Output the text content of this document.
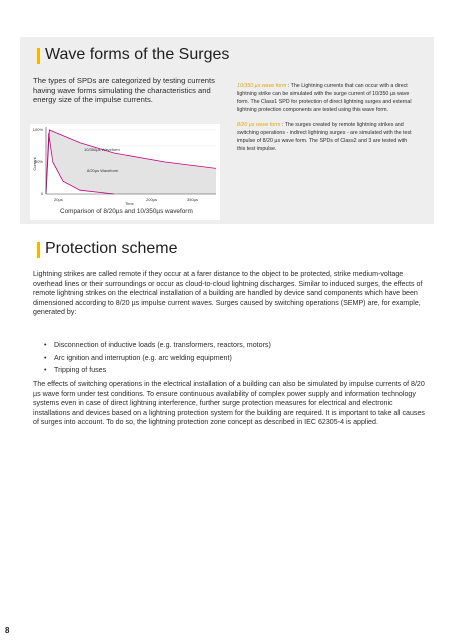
Wave forms of the Surges
The types of SPDs are categorized by testing currents having wave forms simulating the characteristics and energy size of the impulse currents.
Current
100%
50%
0
20µs	200µs	350µs
Time
10/350µs Waveform
8/20µs Waveform
Comparison of 8/20µs and 10/350µs waveform

10/350 µs wave form : The Lightning currents that can occur with a direct lightning strike can be simulated with the surge current of 10/350 µs wave form. The Class1 SPD for protection of direct lightning surges and external lightning protection components are tested using this wave form.

8/20 µs wave form : The surges created by remote lightning strikes and switching operations - indirect lightning surges - are simulated with the test impulse of 8/20 µs wave form. The SPDs of Class2 and 3 are tested with this test impulse.

Protection scheme

Lightning strikes are called remote if they occur at a farer distance to the object to be protected, strike medium-voltage overhead lines or their surroundings or occur as cloud-to-cloud lightning discharges. Similar to induced surges, the effects of remote lightning strikes on the electrical installation of a building are handled by device sand components which have been dimensioned according to 8/20 µs impulse current waves. Surges caused by switching operations (SEMP) are, for example, generated by:

• Disconnection of inductive loads (e.g. transformers, reactors, motors)
• Arc ignition and interruption (e.g. arc welding equipment)
• Tripping of fuses

The effects of switching operations in the electrical installation of a building can also be simulated by impulse currents of 8/20 µs wave form under test conditions. To ensure continuous availability of complex power supply and information technology systems even in case of direct lightning interference, further surge protection measures for electrical and electronic installations and devices based on a lightning protection system for the building are required. It is important to take all causes of surges into account. To do so, the lightning protection zone concept as described in IEC 62305-4 is applied.

8
